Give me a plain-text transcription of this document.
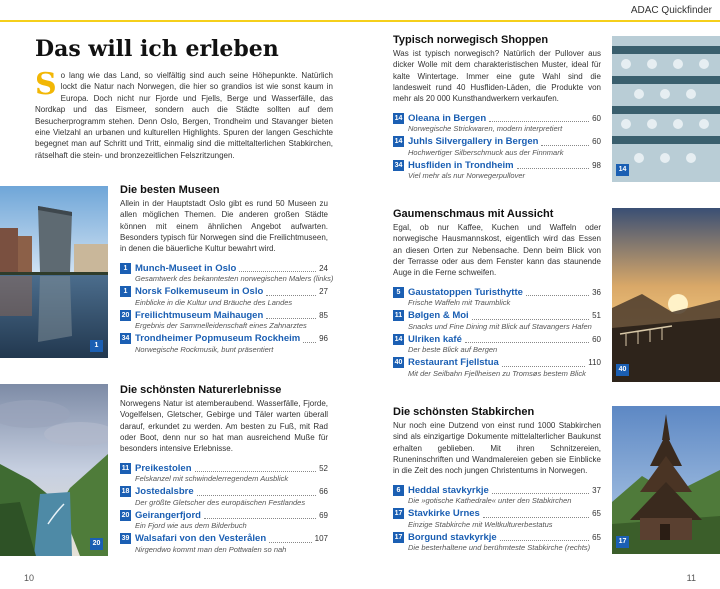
ADAC Quickfinder
Das will ich erleben
S o lang wie das Land, so vielfältig sind auch seine Höhepunkte. Natürlich lockt die Natur nach Norwegen, die hier so grandios ist wie sonst kaum in Europa. Doch nicht nur Fjorde und Fjells, Berge und Wasserfälle, das Nordkap und das Eismeer, sondern auch die Städte sollten auf dem Besucherprogramm stehen. Denn Oslo, Bergen, Trondheim und Stavanger bieten eine Vielzahl an urbanen und kulturellen Highlights. Spuren der langen Geschichte begegnet man auf Schritt und Tritt, einmalig sind die mitteltalterlichen Stabkirchen, rätselhaft die stein- und bronzezeitlichen Felszritzungen.
1
Die besten Museen
Allein in der Hauptstadt Oslo gibt es rund 50 Museen zu allen möglichen Themen. Die anderen großen Städte können mit einem ähnlichen Angebot aufwarten. Besonders typisch für Norwegen sind die Freilichtmuseen, in denen die bäuerliche Kultur bewahrt wird.
1 Munch-Museet in Oslo	24
Gesamtwerk des bekanntesten norwegischen Malers (links)
1 Norsk Folkemuseum in Oslo	27
Einblicke in die Kultur und Bräuche des Landes
20 Freilichtmuseum Maihaugen	85
Ergebnis der Sammelleidenschaft eines Zahnarztes
34 Trondheimer Popmuseum Rockheim 96
Norwegische Rockmusik, bunt präsentiert
20
Die schönsten Naturerlebnisse
Norwegens Natur ist atemberaubend. Wasserfälle, Fjorde, Vogelfelsen, Gletscher, Gebirge und Täler warten überall darauf, erkundet zu werden. Am besten zu Fuß, mit Rad oder Boot, denn nur so hat man ausreichend Muße für besonders intensive Erlebnisse.
11 Preikestolen	52
Felskanzel mit schwindelerregendem Ausblick
18 Jostedalsbre	66
Der größte Gletscher des europäischen Festlandes
20 Geirangerfjord	69
Ein Fjord wie aus dem Bilderbuch
39 Walsafari von den Vesterålen	107
Nirgendwo kommt man den Pottwalen so nah
10
Typisch norwegisch Shoppen
Was ist typisch norwegisch? Natürlich der Pullover aus dicker Wolle mit dem charakteristischen Muster, ideal für kalte Wintertage. Immer eine gute Wahl sind die landesweit rund 40 Husfliden-Läden, die Produkte von mehr als 20 000 Kunsthandwerkern verkaufen.
14 Oleana in Bergen	60
Norwegische Strickwaren, modern interpretiert
14 Juhls Silvergallery in Bergen	60
Hochwertiger Silberschmuck aus der Finnmark
34 Husfliden in Trondheim	98
Viel mehr als nur Norwegerpullover
14
Gaumenschmaus mit Aussicht
Egal, ob nur Kaffee, Kuchen und Waffeln oder norwegische Hausmannskost, eigentlich wird das Essen an diesen Orten zur Nebensache. Denn beim Blick von der Terrasse oder aus dem Fenster kann das staunende Auge in die Ferne schweifen.
5 Gaustatoppen Turisthytte	36
Frische Waffeln mit Traumblick
11 Bølgen & Moi	51
Snacks und Fine Dining mit Blick auf Stavangers Hafen
14 Ulriken kafé	60
Der beste Blick auf Bergen
40 Restaurant Fjellstua	110
Mit der Seilbahn Fjellheisen zu Tromsøs bestem Blick	40
Die schönsten Stabkirchen
Nur noch eine Dutzend von einst rund 1000 Stabkirchen sind als einzigartige Dokumente mittelalterlicher Baukunst erhalten geblieben. Mit ihren Schnitzereien, Runeninschriften und Wandmalereien geben sie Einblicke in die Zeit des noch jungen Christentums in Norwegen.
6 Heddal stavkyrkje	37
Die »gotische Kathedrale« unter den Stabkirchen
17 Stavkirke Urnes	65
Einzige Stabkirche mit Weltkulturerbestatus
17 Borgund stavkyrkje	65
Die besterhaltene und berühmteste Stabkirche (rechts)
17
11
